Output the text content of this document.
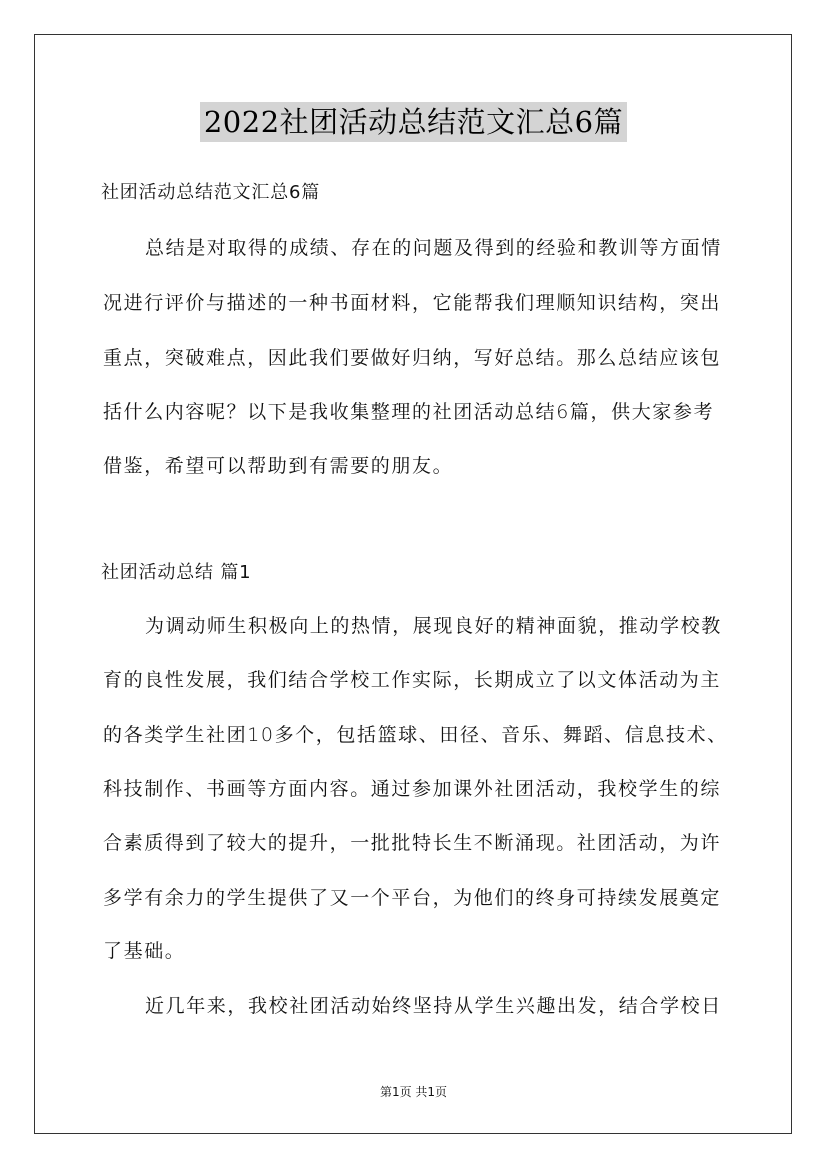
2022社团活动总结范文汇总6篇
社团活动总结范文汇总6篇
总结是对取得的成绩、存在的问题及得到的经验和教训等方面情
况进行评价与描述的一种书面材料，它能帮我们理顺知识结构，突出
重点，突破难点，因此我们要做好归纳，写好总结。那么总结应该包
括什么内容呢？以下是我收集整理的社团活动总结6篇，供大家参考
借鉴，希望可以帮助到有需要的朋友。
社团活动总结 篇1
为调动师生积极向上的热情，展现良好的精神面貌，推动学校教
育的良性发展，我们结合学校工作实际，长期成立了以文体活动为主
的各类学生社团10多个，包括篮球、田径、音乐、舞蹈、信息技术、
科技制作、书画等方面内容。通过参加课外社团活动，我校学生的综
合素质得到了较大的提升，一批批特长生不断涌现。社团活动，为许
多学有余力的学生提供了又一个平台，为他们的终身可持续发展奠定
了基础。
近几年来，我校社团活动始终坚持从学生兴趣出发，结合学校日
第1页 共1页
